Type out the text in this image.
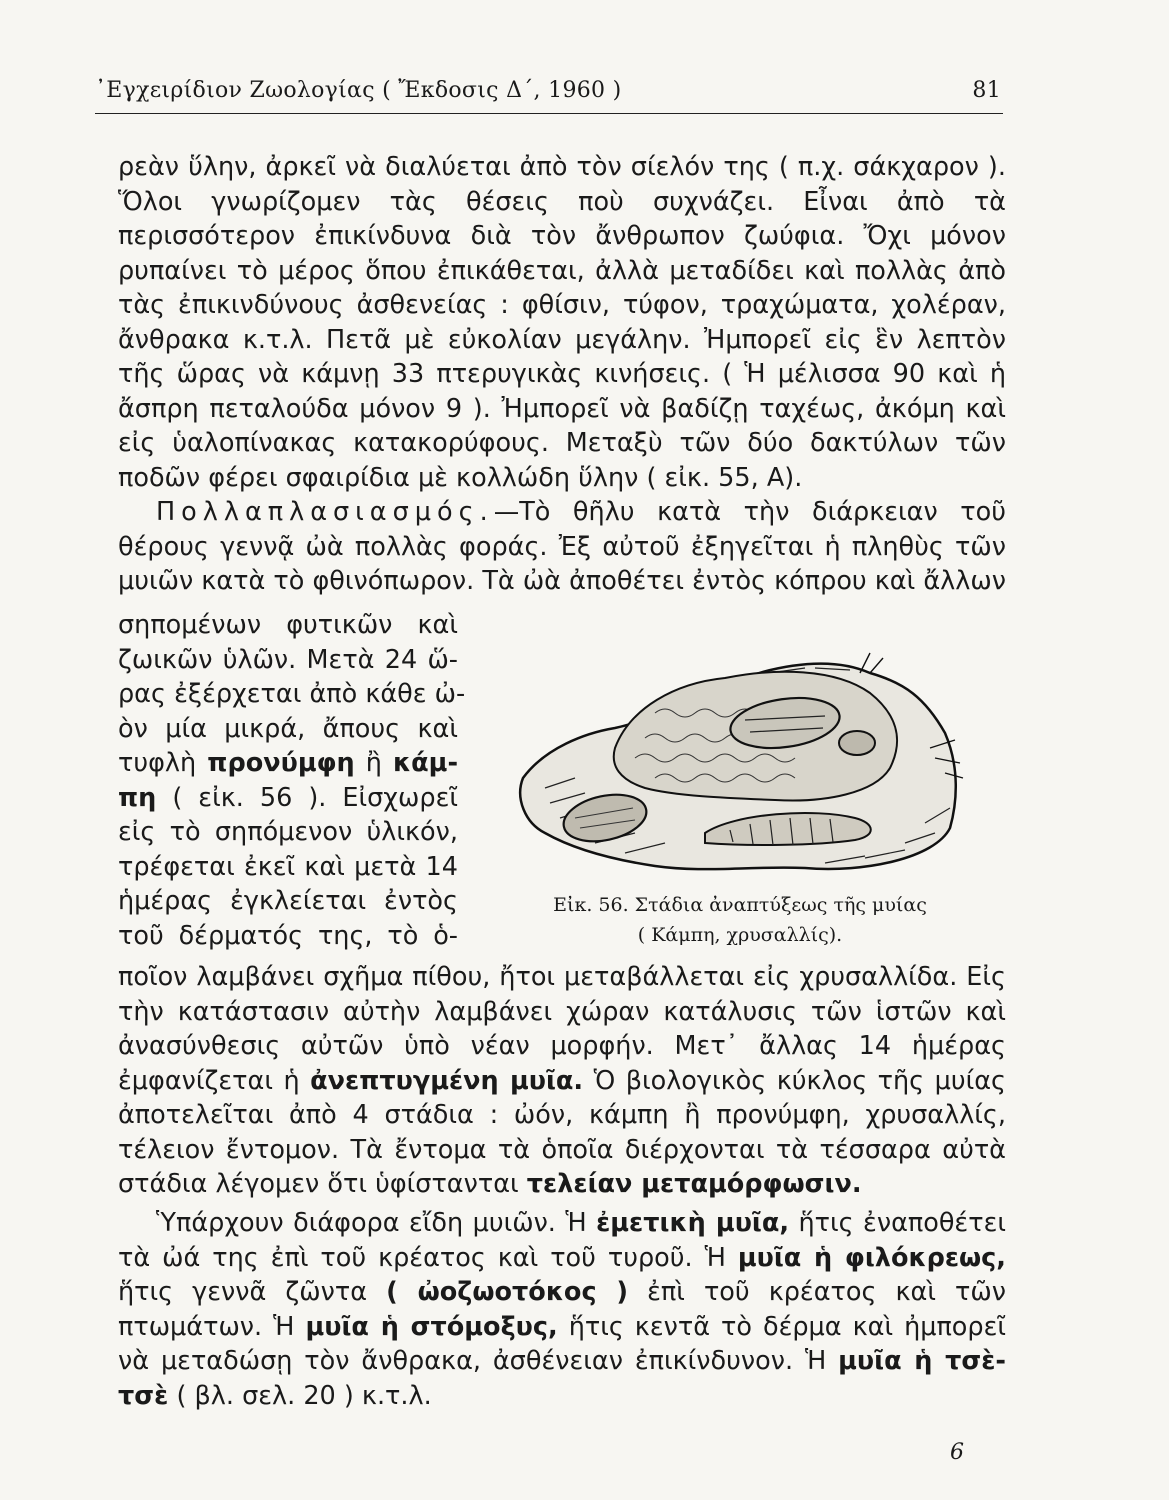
᾿Εγχειρίδιον Ζωολογίας ( Ἔκδοσις Δ΄, 1960 )	81
ρεὰν ὕλην, ἀρκεῖ νὰ διαλύεται ἀπὸ τὸν σίελόν της ( π.χ. σάκχαρον ). Ὅλοι γνωρίζομεν τὰς θέσεις ποὺ συχνάζει. Εἶναι ἀπὸ τὰ περισσότερον ἐπικίνδυνα διὰ τὸν ἄνθρωπον ζωύφια. Ὄχι μόνον ρυπαίνει τὸ μέρος ὅπου ἐπικάθεται, ἀλλὰ μεταδίδει καὶ πολλὰς ἀπὸ τὰς ἐπικινδύνους ἀσθενείας : φθίσιν, τύφον, τραχώματα, χολέραν, ἄνθρακα κ.τ.λ. Πετᾶ μὲ εὐκολίαν μεγάλην. Ἠμπορεῖ εἰς ἓν λεπτὸν τῆς ὥρας νὰ κάμνῃ 33 πτερυγικὰς κινήσεις. ( Ἡ μέλισσα 90 καὶ ἡ ἄσπρη πεταλούδα μόνον 9 ). Ἠμπορεῖ νὰ βαδίζῃ ταχέως, ἀκόμη καὶ εἰς ὑαλοπίνακας κατακορύφους. Μεταξὺ τῶν δύο δακτύλων τῶν ποδῶν φέρει σφαιρίδια μὲ κολλώδη ὕλην ( εἰκ. 55, Α).
Πολλαπλασιασμός.—Τὸ θῆλυ κατὰ τὴν διάρκειαν τοῦ θέρους γεννᾷ ὠὰ πολλὰς φοράς. Ἐξ αὐτοῦ ἐξηγεῖται ἡ πληθὺς τῶν μυιῶν κατὰ τὸ φθινόπωρον. Τὰ ὠὰ ἀποθέτει ἐντὸς κόπρου καὶ ἄλλων
σηπομένων φυτικῶν καὶ
ζωικῶν ὑλῶν. Μετὰ 24 ὥ-
ρας ἐξέρχεται ἀπὸ κάθε ὠ-
ὸν μία μικρά, ἄπους καὶ
τυφλὴ προνύμφη ἢ κάμ-
πη ( εἰκ. 56 ). Εἰσχωρεῖ
εἰς τὸ σηπόμενον ὑλικόν,
τρέφεται ἐκεῖ καὶ μετὰ 14
ἡμέρας ἐγκλείεται ἐντὸς
τοῦ δέρματός της, τὸ ὁ-
Εἰκ. 56. Στάδια ἀναπτύξεως τῆς μυίας
( Κάμπη, χρυσαλλίς).
ποῖον λαμβάνει σχῆμα πίθου, ἤτοι μεταβάλλεται εἰς χρυσαλλίδα. Εἰς τὴν κατάστασιν αὐτὴν λαμβάνει χώραν κατάλυσις τῶν ἱστῶν καὶ ἀνασύνθεσις αὐτῶν ὑπὸ νέαν μορφήν. Μετ᾿ ἄλλας 14 ἡμέρας ἐμφανίζεται ἡ ἀνεπτυγμένη μυῖα. Ὁ βιολογικὸς κύκλος τῆς μυίας ἀποτελεῖται ἀπὸ 4 στάδια : ὠόν, κάμπη ἢ προνύμφη, χρυσαλλίς, τέλειον ἔντομον. Τὰ ἔντομα τὰ ὁποῖα διέρχονται τὰ τέσσαρα αὐτὰ στάδια λέγομεν ὅτι ὑφίστανται τελείαν μεταμόρφωσιν.
Ὑπάρχουν διάφορα εἴδη μυιῶν. Ἡ ἐμετικὴ μυῖα, ἥτις ἐναποθέτει τὰ ὠά της ἐπὶ τοῦ κρέατος καὶ τοῦ τυροῦ. Ἡ μυῖα ἡ φιλόκρεως, ἥτις γεννᾶ ζῶντα ( ὠοζωοτόκος ) ἐπὶ τοῦ κρέατος καὶ τῶν πτωμάτων. Ἡ μυῖα ἡ στόμοξυς, ἥτις κεντᾶ τὸ δέρμα καὶ ἠμπορεῖ νὰ μεταδώσῃ τὸν ἄνθρακα, ἀσθένειαν ἐπικίνδυνον. Ἡ μυῖα ἡ τσὲ-τσὲ ( βλ. σελ. 20 ) κ.τ.λ.
6
